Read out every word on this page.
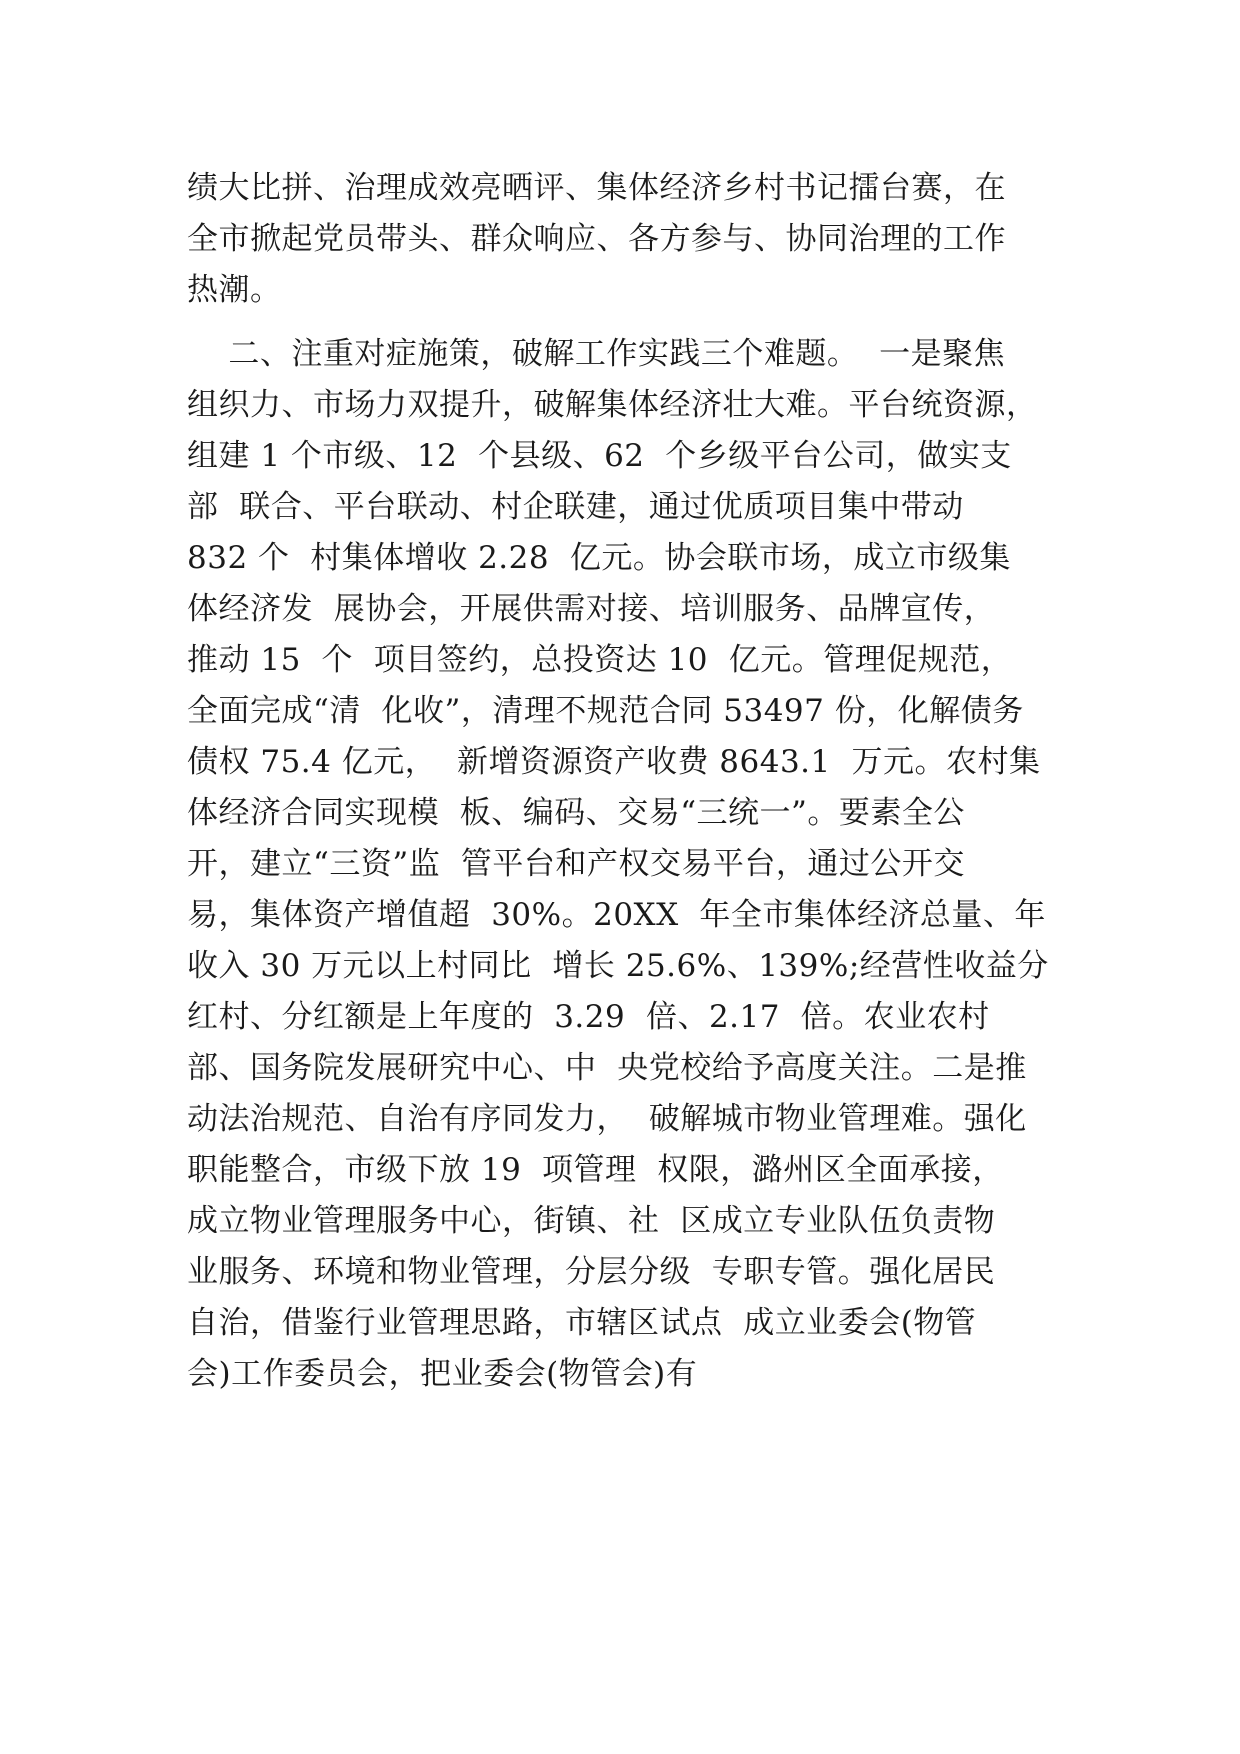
绩大比拼、治理成效亮晒评、集体经济乡村书记擂台赛，在
全市掀起党员带头、群众响应、各方参与、协同治理的工作
热潮。
二、注重对症施策，破解工作实践三个难题。  一是聚焦
组织力、市场力双提升，破解集体经济壮大难。平台统资源，
组建 1 个市级、12  个县级、62  个乡级平台公司，做实支
部  联合、平台联动、村企联建，通过优质项目集中带动
832 个  村集体增收 2.28  亿元。协会联市场，成立市级集
体经济发  展协会，开展供需对接、培训服务、品牌宣传，
推动 15  个  项目签约，总投资达 10  亿元。管理促规范，
全面完成“清  化收”，清理不规范合同 53497 份，化解债务
债权 75.4 亿元，  新增资源资产收费 8643.1  万元。农村集
体经济合同实现模  板、编码、交易“三统一”。要素全公
开，建立“三资”监  管平台和产权交易平台，通过公开交
易，集体资产增值超  30%。20XX  年全市集体经济总量、年
收入 30 万元以上村同比  增长 25.6%、139%;经营性收益分
红村、分红额是上年度的  3.29  倍、2.17  倍。农业农村
部、国务院发展研究中心、中  央党校给予高度关注。二是推
动法治规范、自治有序同发力，  破解城市物业管理难。强化
职能整合，市级下放 19  项管理  权限，潞州区全面承接，
成立物业管理服务中心，街镇、社  区成立专业队伍负责物
业服务、环境和物业管理，分层分级  专职专管。强化居民
自治，借鉴行业管理思路，市辖区试点  成立业委会(物管
会)工作委员会，把业委会(物管会)有
